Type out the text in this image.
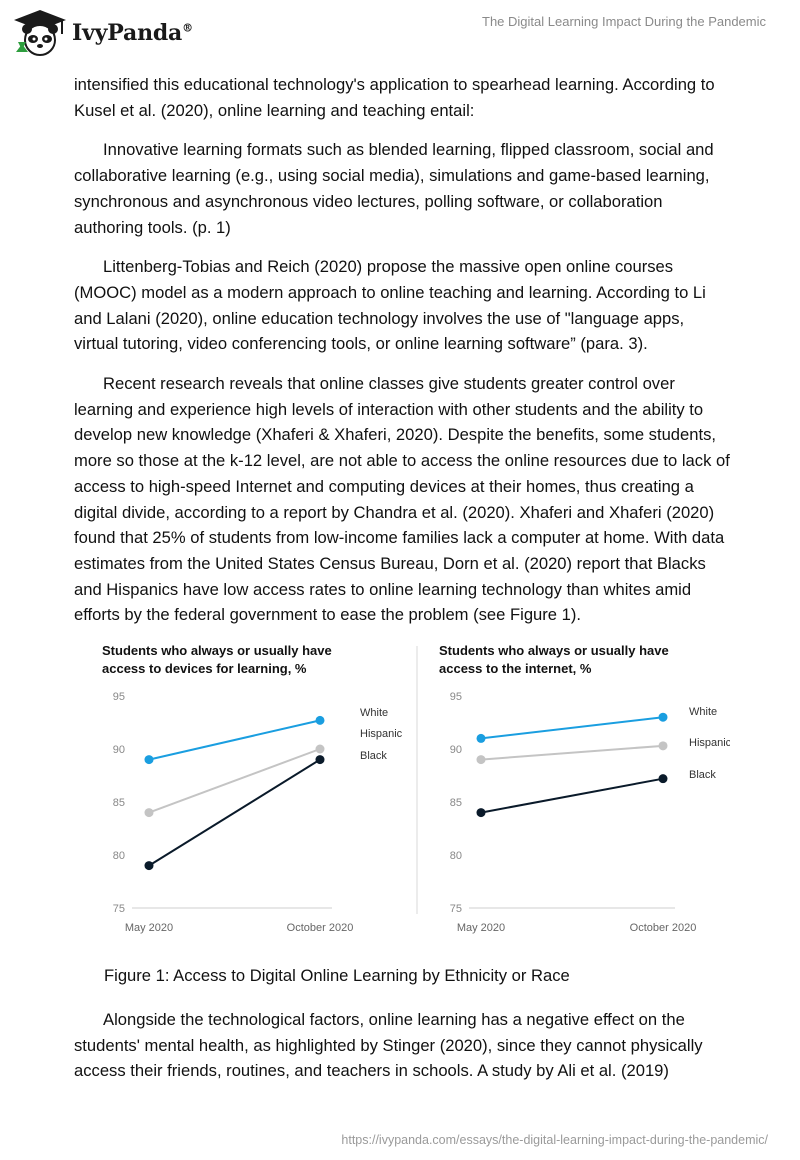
IvyPanda®	The Digital Learning Impact During the Pandemic

intensified this educational technology's application to spearhead learning. According to Kusel et al. (2020), online learning and teaching entail:

Innovative learning formats such as blended learning, flipped classroom, social and collaborative learning (e.g., using social media), simulations and game-based learning, synchronous and asynchronous video lectures, polling software, or collaboration authoring tools. (p. 1)

Littenberg-Tobias and Reich (2020) propose the massive open online courses (MOOC) model as a modern approach to online teaching and learning. According to Li and Lalani (2020), online education technology involves the use of "language apps, virtual tutoring, video conferencing tools, or online learning software” (para. 3).

Recent research reveals that online classes give students greater control over learning and experience high levels of interaction with other students and the ability to develop new knowledge (Xhaferi & Xhaferi, 2020). Despite the benefits, some students, more so those at the k-12 level, are not able to access the online resources due to lack of access to high-speed Internet and computing devices at their homes, thus creating a digital divide, according to a report by Chandra et al. (2020). Xhaferi and Xhaferi (2020) found that 25% of students from low-income families lack a computer at home. With data estimates from the United States Census Bureau, Dorn et al. (2020) report that Blacks and Hispanics have low access rates to online learning technology than whites amid efforts by the federal government to ease the problem (see Figure 1).

Students who always or usually have
access to devices for learning, %
95
90
85
80
75
May 2020	October 2020
White
Hispanic
Black
Students who always or usually have
access to the internet, %
95
90
85
80
75
May 2020	October 2020
White
Hispanic
Black
Figure 1: Access to Digital Online Learning by Ethnicity or Race

Alongside the technological factors, online learning has a negative effect on the students' mental health, as highlighted by Stinger (2020), since they cannot physically access their friends, routines, and teachers in schools. A study by Ali et al. (2019)

https://ivypanda.com/essays/the-digital-learning-impact-during-the-pandemic/
